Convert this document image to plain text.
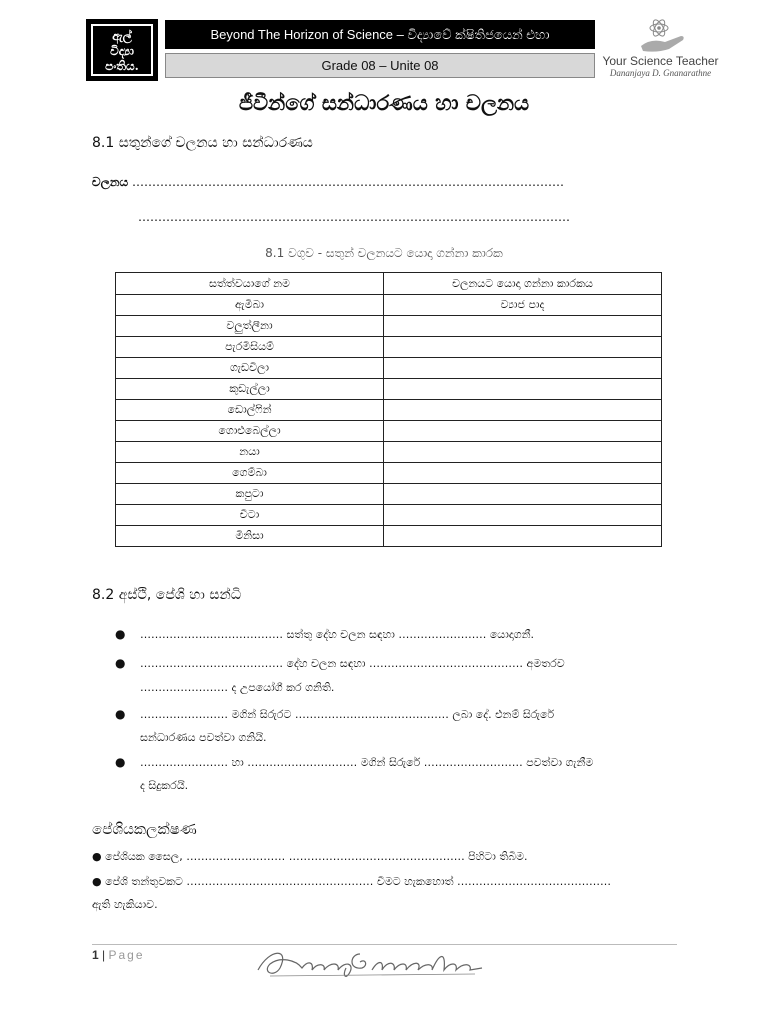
ඇල්
විද්‍යා
පංතිය.
Beyond The Horizon of Science – විද්‍යාවේ ක්ෂිතිජයෙන් එහා
Grade 08 – Unite 08	Your Science Teacher
Dananjaya D. Gnanarathne
ජීවීන්ගේ සන්ධාරණය හා චලනය
8.1 සතුන්ගේ චලනය හා සන්ධාරණය
චලනය ………………………………………………………………………………………………
………………………………………………………………………………………………
8.1 වගුව - සතුන් චලනයට යොදා ගන්නා කාරක
සත්ත්වයාගේ නම	චලනයට යොදා ගන්නා කාරකය
ඇමීබා	ව්‍යාජ පාද
වලුත්ලීනා	
පැරමීසියම්	
ගැඩවිලා	
කුඩැල්ලා	
ඩොල්ෆින්	
ගොළුබෙල්ලා	
නයා	
ගෙම්බා	
කපුටා	
චීටා	
මිනිසා	
8.2 අස්ථි, පේශි හා සන්ධි
● ………………………………… සත්තු දේහ චලන සඳහා …………………… යොදාගනී.
● ………………………………… දේහ චලන සඳහා …………………………………… අමතරව
…………………… ද උපයෝගී කර ගනිති.
● …………………… මගින් සිරුරට …………………………………… ලබා දේ. එනම් සිරුරේ
සන්ධාරණය පවත්වා ගනියි.
● …………………… හා ………………………… මගින් සිරුරේ ……………………… පවත්වා ගැනීම
ද සිදුකරයි.
පේශියකලක්ෂණ
● පේශියක සෛල, ……………………… ………………………………………… පිහිටා තිබීම.
● පේශි තන්තුවකට …………………………………………… වීමට හැකහොත් ……………………………………
ඇති හැකියාව.
1 | Page
